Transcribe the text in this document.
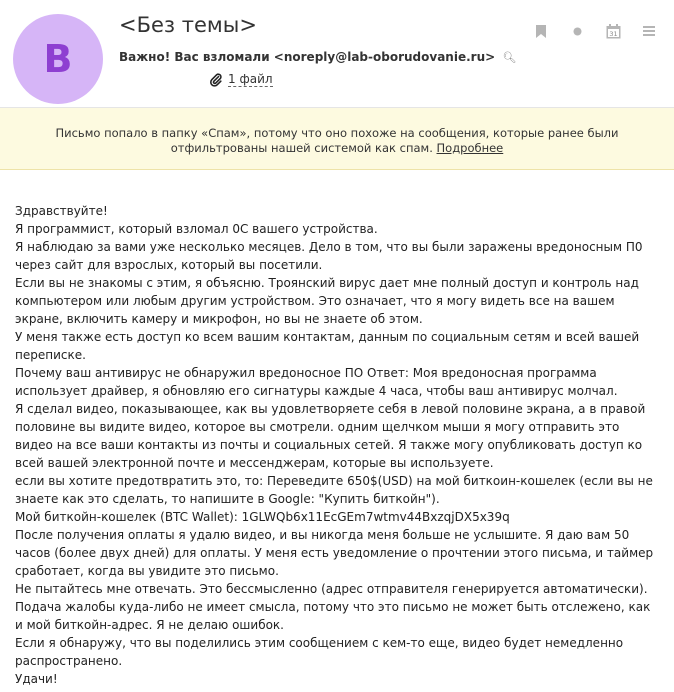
B
<Без темы>
Важно! Вас взломали <noreply@lab-oborudovanie.ru> 🔍︎
1 файл
31
Письмо попало в папку «Спам», потому что оно похоже на сообщения, которые ранее были отфильтрованы нашей системой как спам. Подробнее

Здравствуйте!

Я программист, который взломал 0С вашего устройства.

Я наблюдаю за вами уже несколько месяцев. Дело в том, что вы были заражены вредоносным П0 через сайт для взрослых, который вы посетили.

Если вы не знакомы с этим, я объясню. Троянский вирус дает мне полный доступ и контроль над компьютером или любым другим устройством. Это означает, что я могу видеть все на вашем экране, включить камеру и микрофон, но вы не знаете об этом.

У меня также есть доступ ко всем вашим контактам, данным по социальным сетям и всей вашей переписке.

Почему ваш антивирус не обнаружил вредоносное ПО Ответ: Моя вредоносная программа использует драйвер, я обновляю его сигнатуры каждые 4 часа, чтобы ваш антивирус молчал.

Я сделал видео, показывающее, как вы удовлетворяете себя в левой половине экрана, а в правой половине вы видите видео, которое вы смотрели. одним щелчком мыши я могу отправить это видео на все ваши контакты из почты и социальных сетей. Я также могу опубликовать доступ ко всей вашей электронной почте и мессенджерам, которые вы используете.

если вы хотите предотвратить это, то: Переведите 650$(USD) на мой биткоин-кошелек (если вы не знаете как это сделать, то напишите в Google: "Купить биткойн").

Мой биткойн-кошелек (BTC Wallet): 1GLWQb6x11EcGEm7wtmv44BxzqjDX5x39q

После получения оплаты я удалю видео, и вы никогда меня больше не услышите. Я даю вам 50 часов (более двух дней) для оплаты. У меня есть уведомление о прочтении этого письма, и таймер сработает, когда вы увидите это письмо.

Не пытайтесь мне отвечать. Это бессмысленно (адрес отправителя генерируется автоматически). Подача жалобы куда-либо не имеет смысла, потому что это письмо не может быть отслежено, как и мой биткойн-адрес. Я не делаю ошибок.

Если я обнаружу, что вы поделились этим сообщением с кем-то еще, видео будет немедленно распространено.

Удачи!
